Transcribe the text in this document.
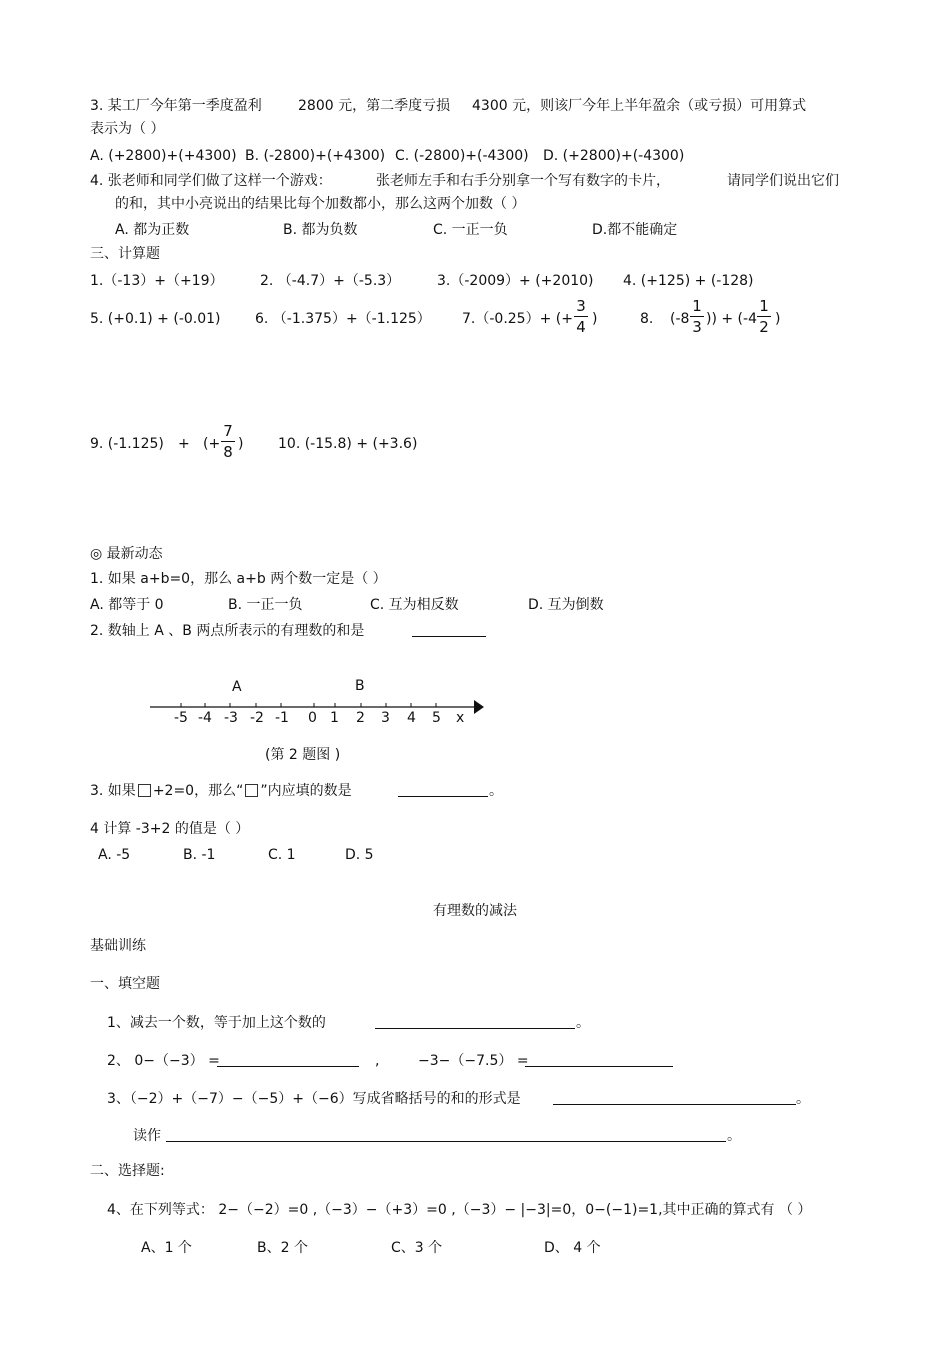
3. 某工厂今年第一季度盈利	2800 元，第二季度亏损 4300 元，则该厂今年上半年盈余（或亏损）可用算式
表示为（ ）
A. (+2800)+(+4300) B. (-2800)+(+4300) C. (-2800)+(-4300) D. (+2800)+(-4300)
4. 张老师和同学们做了这样一个游戏：	张老师左手和右手分别拿一个写有数字的卡片，	请同学们说出它们
的和，其中小亮说出的结果比每个加数都小，那么这两个加数（ ）
A. 都为正数	B. 都为负数	C. 一正一负	D.都不能确定
三、计算题
1.（-13）+（+19）	2. （-4.7）+（-5.3）	3.（-2009）+ (+2010) 4. (+125) + (-128)
5. (+0.1) + (-0.01) 6. （-1.375）+（-1.125） 7.（-0.25）+ (+
3
4 )	8. (-8
1
3 )) + (-4
1
2 )
9. (-1.125) + (+
7
8 ) 10. (-15.8) + (+3.6)
◎ 最新动态
1. 如果 a+b=0，那么 a+b 两个数一定是（ ）
A. 都等于 0	B. 一正一负	C. 互为相反数	D. 互为倒数
2. 数轴上 A 、B 两点所表示的有理数的和是
A	B
-5 -4 -3 -2 -1 0 1 2 3 4 5 x
(第 2 题图 )
3. 如果 +2=0，那么“ ”内应填的数是	。
4 计算 -3+2 的值是（ ）
A. -5	B. -1	C. 1	D. 5
有理数的减法
基础训练
一、填空题
1、减去一个数，等于加上这个数的	。
2、 0−（−3） =	,	−3−（−7.5） =
3、（−2）+（−7）−（−5）+（−6）写成省略括号的和的形式是	。
读作	。
二、选择题:
4、在下列等式： 2−（−2）=0 ,（−3）−（+3）=0 ,（−3）− |−3|=0，0−(−1)=1,其中正确的算式有 （ ）
A、1 个	B、2 个	C、3 个	D、 4 个
